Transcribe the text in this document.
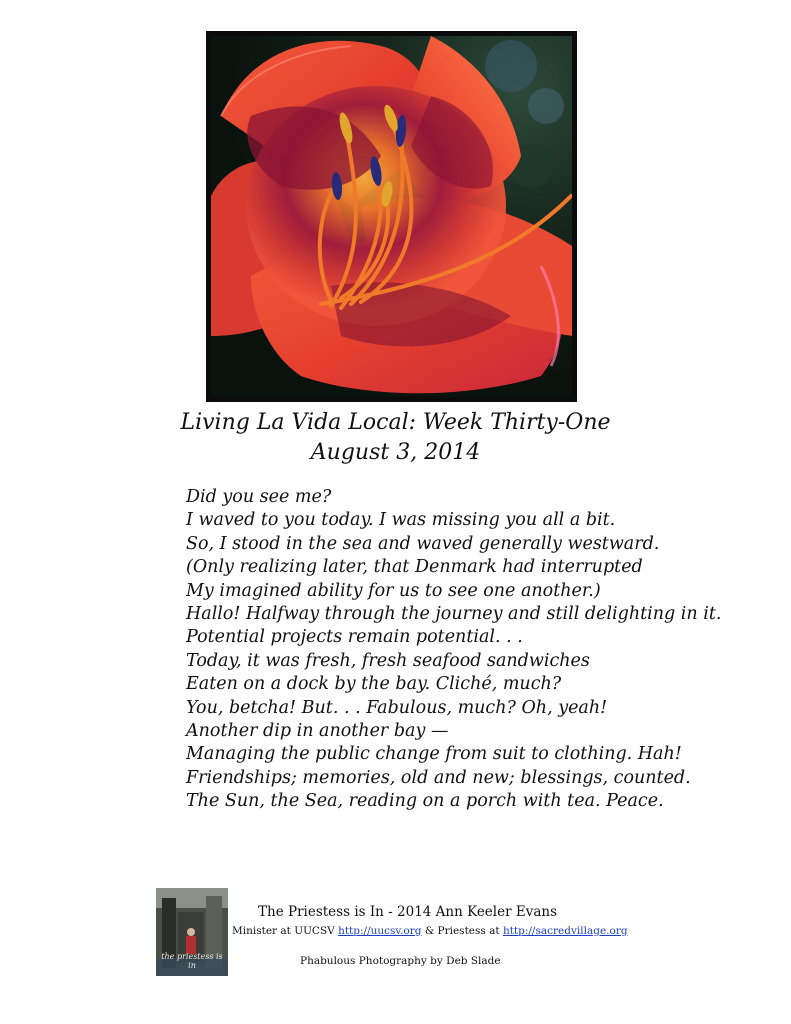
Living La Vida Local: Week Thirty-One
August 3, 2014
Did you see me?
I waved to you today. I was missing you all a bit.
So, I stood in the sea and waved generally westward.
(Only realizing later, that Denmark had interrupted
My imagined ability for us to see one another.)
Hallo! Halfway through the journey and still delighting in it.
Potential projects remain potential. . .
Today, it was fresh, fresh seafood sandwiches
Eaten on a dock by the bay. Cliché, much?
You, betcha! But. . . Fabulous, much? Oh, yeah!
Another dip in another bay —
Managing the public change from suit to clothing. Hah!
Friendships; memories, old and new; blessings, counted.
The Sun, the Sea, reading on a porch with tea. Peace.
the priestess is in
The Priestess is In - 2014 Ann Keeler Evans
Minister at UUCSV http://uucsv.org & Priestess at http://sacredvillage.org
Phabulous Photography by Deb Slade
